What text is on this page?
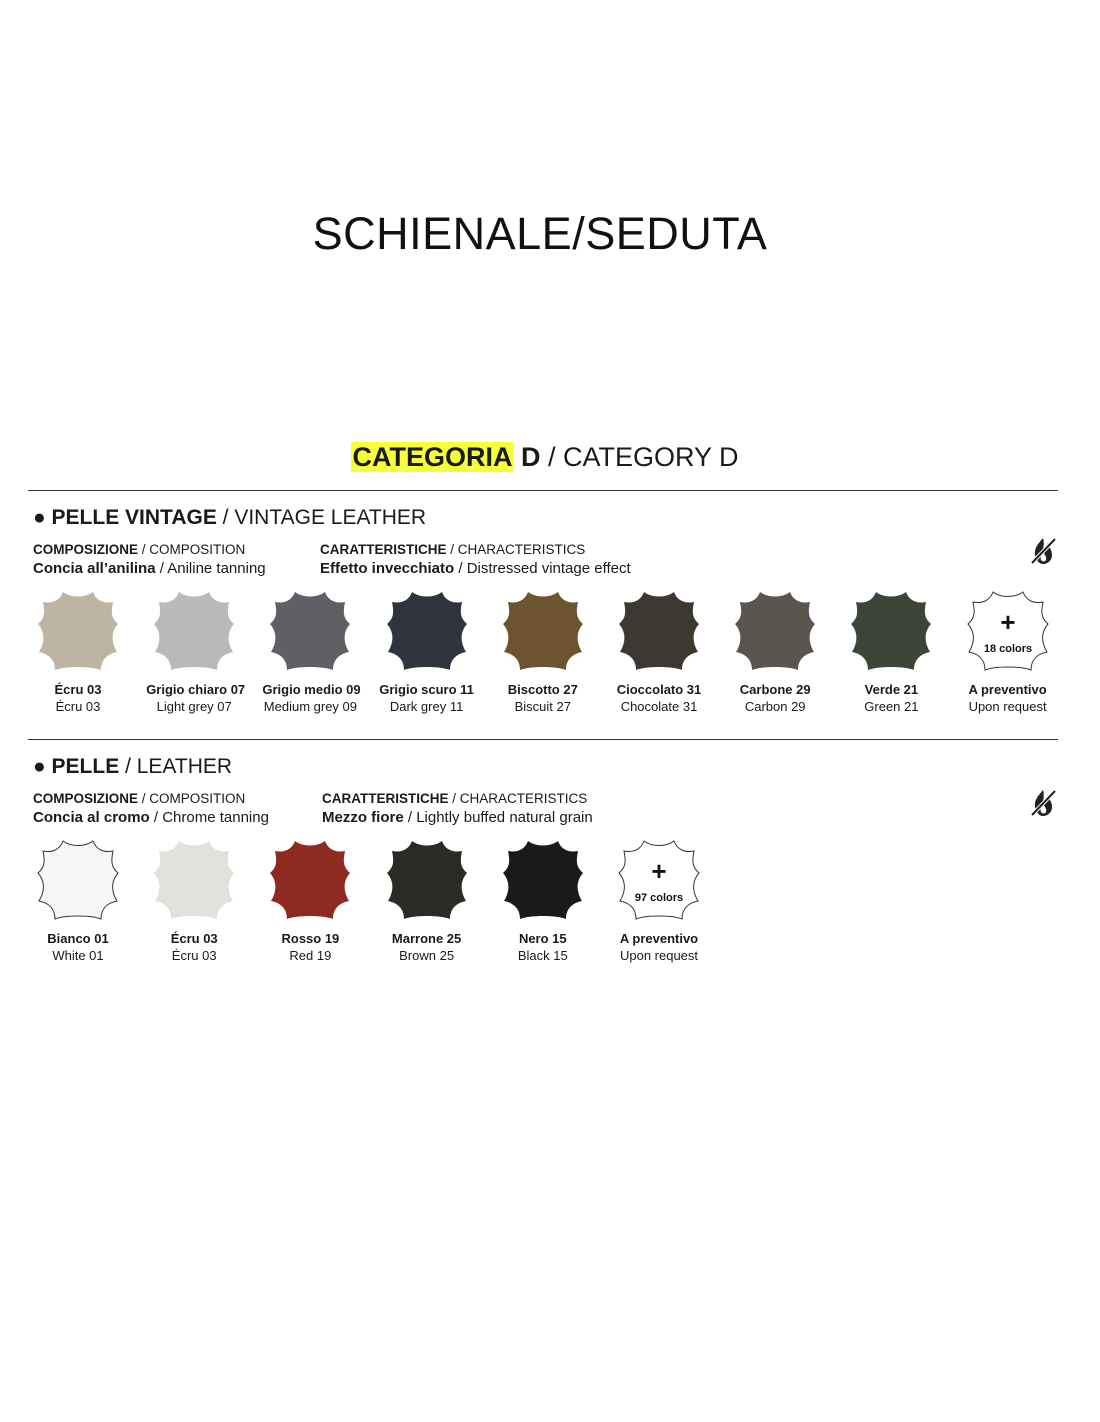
SCHIENALE/SEDUTA
CATEGORIA D / CATEGORY D
● PELLE VINTAGE / VINTAGE LEATHER
COMPOSIZIONE / COMPOSITION
Concia all’anilina / Aniline tanning
CARATTERISTICHE / CHARACTERISTICS
Effetto invecchiato / Distressed vintage effect
Écru 03
Écru 03
Grigio chiaro 07
Light grey 07
Grigio medio 09
Medium grey 09
Grigio scuro 11
Dark grey 11
Biscotto 27
Biscuit 27
Cioccolato 31
Chocolate 31
Carbone 29
Carbon 29
Verde 21
Green 21
+
18 colors
A preventivo
Upon request
● PELLE / LEATHER
COMPOSIZIONE / COMPOSITION
Concia al cromo / Chrome tanning
CARATTERISTICHE / CHARACTERISTICS
Mezzo fiore / Lightly buffed natural grain
Bianco 01
White 01
Écru 03
Écru 03
Rosso 19
Red 19
Marrone 25
Brown 25
Nero 15
Black 15
+
97 colors
A preventivo
Upon request
